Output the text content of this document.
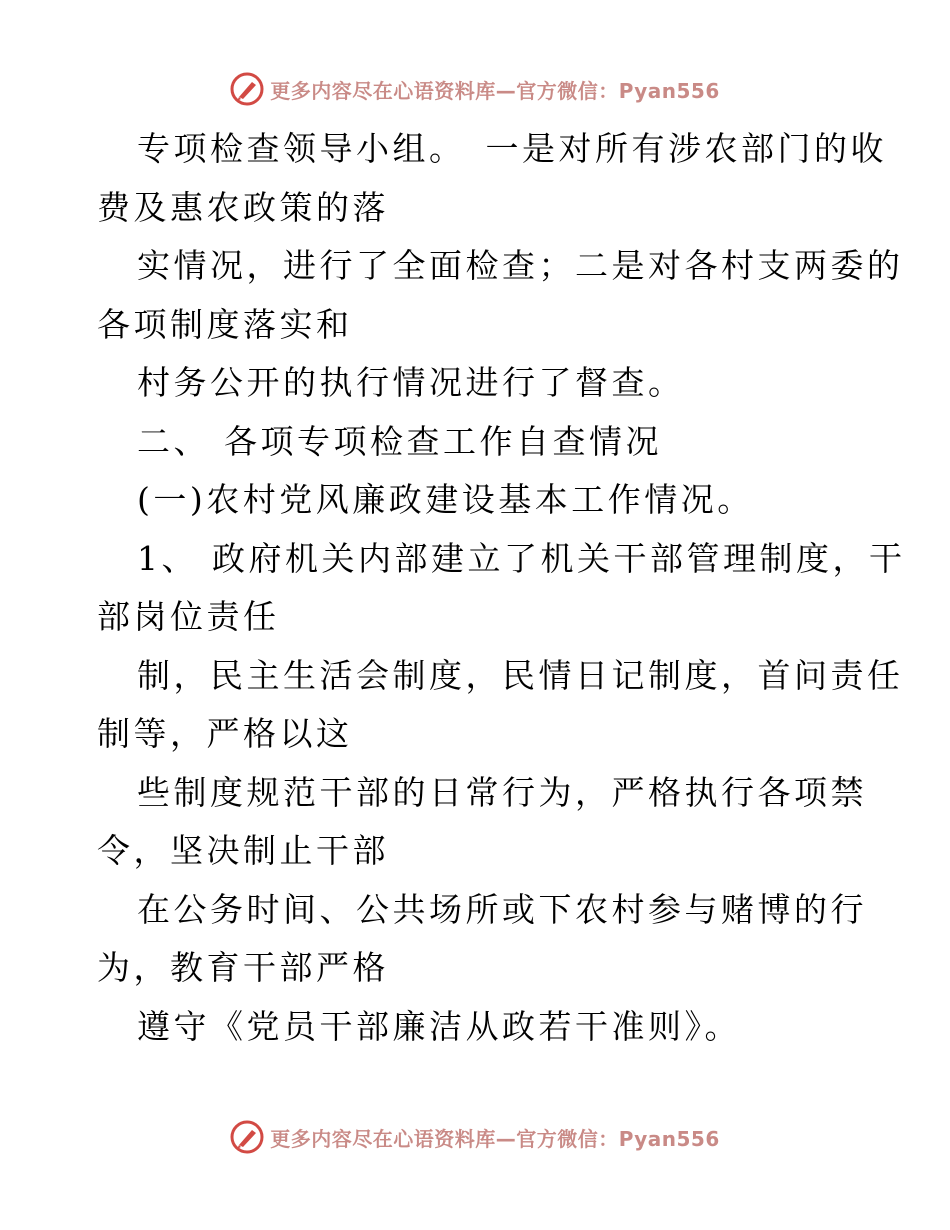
更多内容尽在心语资料库—官方微信：Pyan556
专项检查领导小组。　一是对所有涉农部门的收
费及惠农政策的落
实情况，进行了全面检查；二是对各村支两委的
各项制度落实和
村务公开的执行情况进行了督查。
二、 各项专项检查工作自查情况
(一)农村党风廉政建设基本工作情况。
1、 政府机关内部建立了机关干部管理制度，干
部岗位责任
制，民主生活会制度，民情日记制度，首问责任
制等，严格以这
些制度规范干部的日常行为，严格执行各项禁
令，坚决制止干部
在公务时间、公共场所或下农村参与赌博的行
为，教育干部严格
遵守《党员干部廉洁从政若干准则》。
更多内容尽在心语资料库—官方微信：Pyan556
